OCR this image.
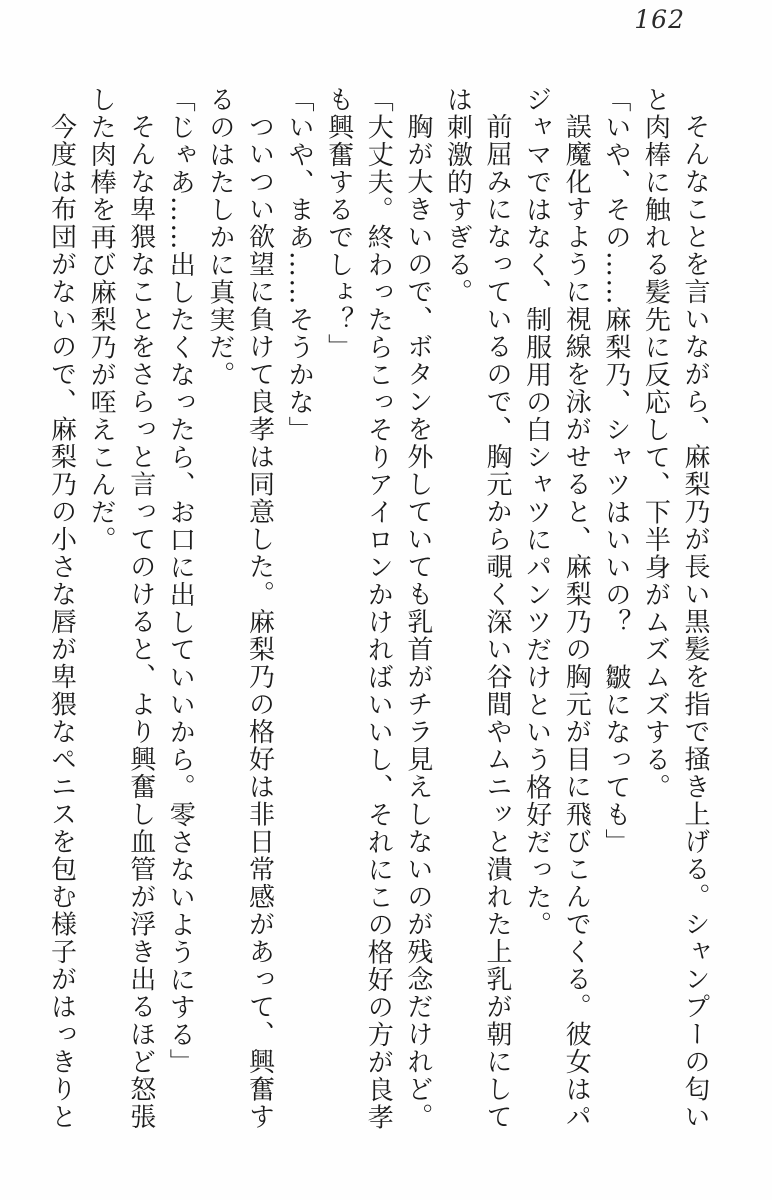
162

そんなことを言いながら、麻梨乃が長い黒髪を指で掻き上げる。シャンプーの匂い

と肉棒に触れる髪先に反応して、下半身がムズムズする。

「いや、その……麻梨乃、シャツはいいの？　皺になっても」

誤魔化すように視線を泳がせると、麻梨乃の胸元が目に飛びこんでくる。彼女はパ

ジャマではなく、制服用の白シャツにパンツだけという格好だった。

前屈みになっているので、胸元から覗く深い谷間やムニッと潰れた上乳が朝にして

は刺激的すぎる。

胸が大きいので、ボタンを外していても乳首がチラ見えしないのが残念だけれど。

「大丈夫。終わったらこっそりアイロンかければいいし、それにこの格好の方が良孝

も興奮するでしょ？」

「いや、まあ……そうかな」

ついつい欲望に負けて良孝は同意した。麻梨乃の格好は非日常感があって、興奮す

るのはたしかに真実だ。

「じゃあ……出したくなったら、お口に出していいから。零さないようにする」

そんな卑猥なことをさらっと言ってのけると、より興奮し血管が浮き出るほど怒張

した肉棒を再び麻梨乃が咥えこんだ。

今度は布団がないので、麻梨乃の小さな唇が卑猥なペニスを包む様子がはっきりと
